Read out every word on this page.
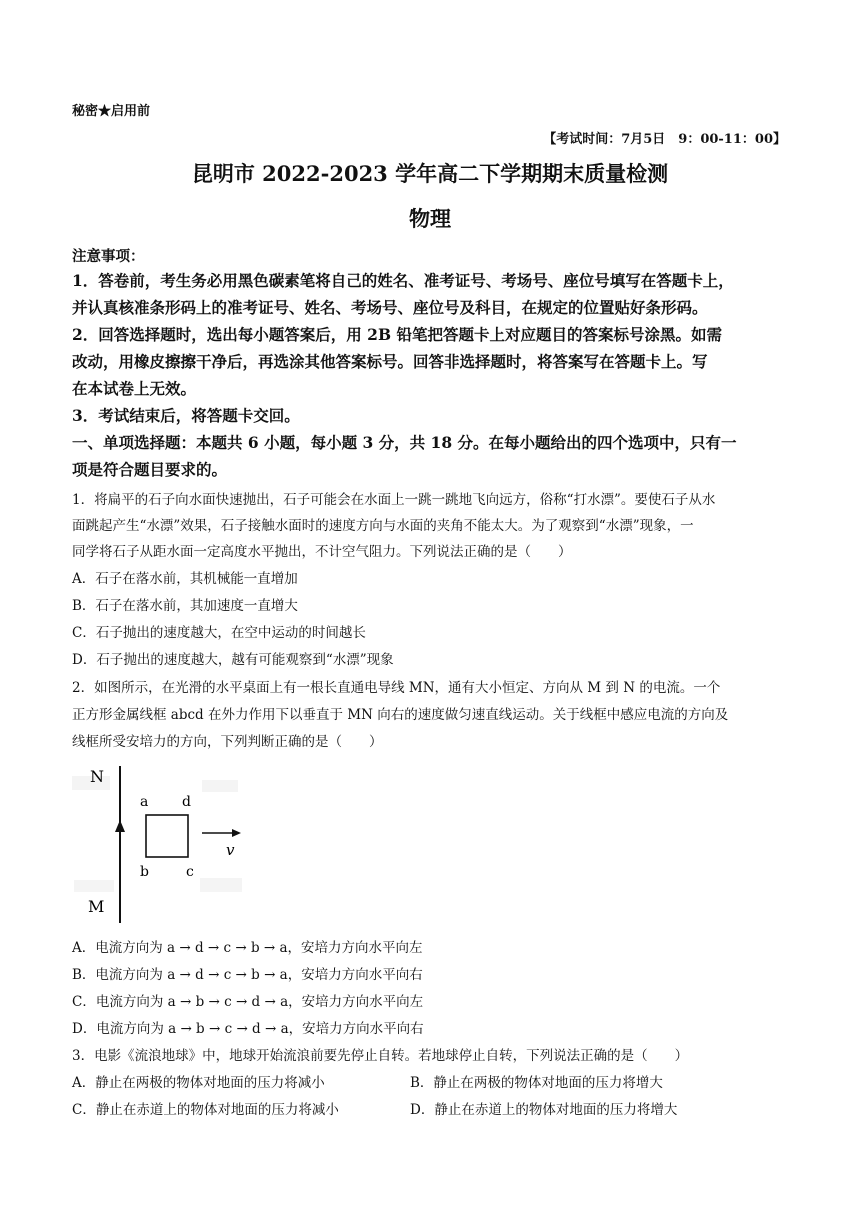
秘密★启用前
【考试时间：7月5日　9：00-11：00】
昆明市 2022-2023 学年高二下学期期末质量检测
物理
注意事项：
1．答卷前，考生务必用黑色碳素笔将自己的姓名、准考证号、考场号、座位号填写在答题卡上，
并认真核准条形码上的准考证号、姓名、考场号、座位号及科目，在规定的位置贴好条形码。
2．回答选择题时，选出每小题答案后，用 2B 铅笔把答题卡上对应题目的答案标号涂黑。如需
改动，用橡皮擦擦干净后，再选涂其他答案标号。回答非选择题时，将答案写在答题卡上。写
在本试卷上无效。
3．考试结束后，将答题卡交回。
一、单项选择题：本题共 6 小题，每小题 3 分，共 18 分。在每小题给出的四个选项中，只有一
项是符合题目要求的。
1．将扁平的石子向水面快速抛出，石子可能会在水面上一跳一跳地飞向远方，俗称“打水漂”。要使石子从水
面跳起产生“水漂”效果，石子接触水面时的速度方向与水面的夹角不能太大。为了观察到“水漂”现象，一
同学将石子从距水面一定高度水平抛出，不计空气阻力。下列说法正确的是（　　）
A．石子在落水前，其机械能一直增加
B．石子在落水前，其加速度一直增大
C．石子抛出的速度越大，在空中运动的时间越长
D．石子抛出的速度越大，越有可能观察到“水漂”现象
2．如图所示，在光滑的水平桌面上有一根长直通电导线 MN，通有大小恒定、方向从 M 到 N 的电流。一个
正方形金属线框 abcd 在外力作用下以垂直于 MN 向右的速度做匀速直线运动。关于线框中感应电流的方向及
线框所受安培力的方向，下列判断正确的是（　　）
N
M
a d
b	c
v
A．电流方向为 a → d → c → b → a，安培力方向水平向左
B．电流方向为 a → d → c → b → a，安培力方向水平向右
C．电流方向为 a → b → c → d → a，安培力方向水平向左
D．电流方向为 a → b → c → d → a，安培力方向水平向右
3．电影《流浪地球》中，地球开始流浪前要先停止自转。若地球停止自转，下列说法正确的是（　　）
A．静止在两极的物体对地面的压力将减小	B．静止在两极的物体对地面的压力将增大
C．静止在赤道上的物体对地面的压力将减小	D．静止在赤道上的物体对地面的压力将增大
